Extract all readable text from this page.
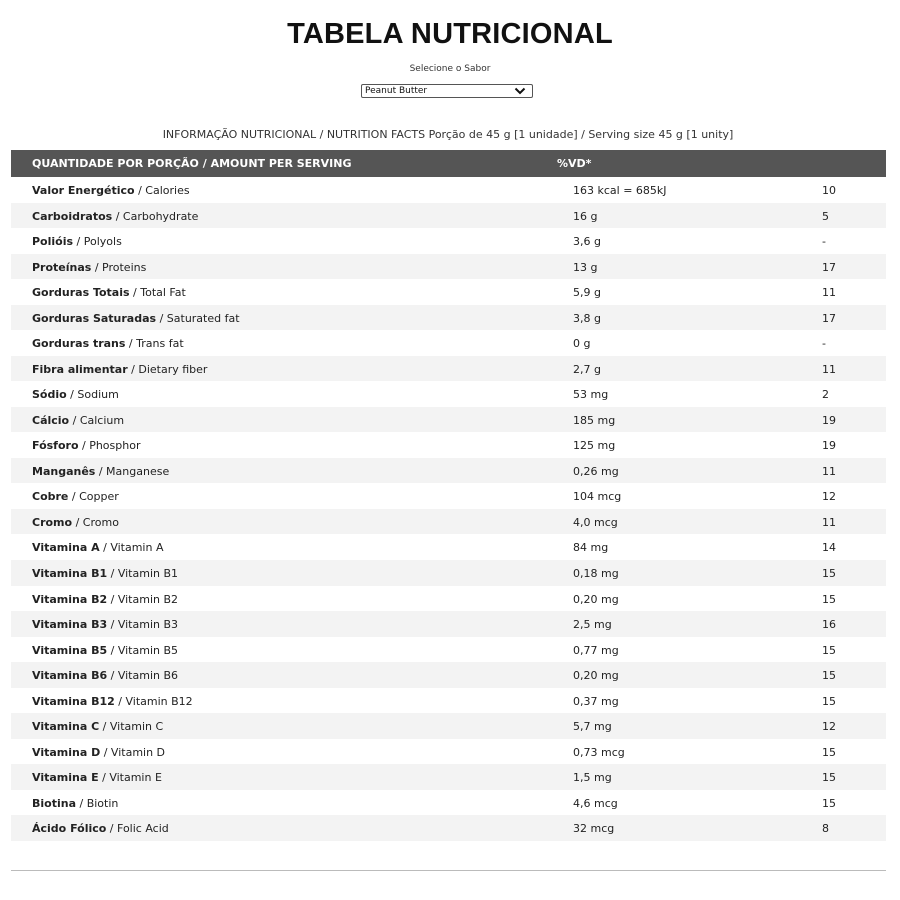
TABELA NUTRICIONAL
Selecione o Sabor
Peanut Butter
INFORMAÇÃO NUTRICIONAL / NUTRITION FACTS Porção de 45 g [1 unidade] / Serving size 45 g [1 unity]
QUANTIDADE POR PORÇÃO / AMOUNT PER SERVING	%VD*
Valor Energético / Calories	163 kcal = 685kJ	10
Carboidratos / Carbohydrate	16 g	5
Polióis / Polyols	3,6 g	-
Proteínas / Proteins	13 g	17
Gorduras Totais / Total Fat	5,9 g	11
Gorduras Saturadas / Saturated fat	3,8 g	17
Gorduras trans / Trans fat	0 g	-
Fibra alimentar / Dietary fiber	2,7 g	11
Sódio / Sodium	53 mg	2
Cálcio / Calcium	185 mg	19
Fósforo / Phosphor	125 mg	19
Manganês / Manganese	0,26 mg	11
Cobre / Copper	104 mcg	12
Cromo / Cromo	4,0 mcg	11
Vitamina A / Vitamin A	84 mg	14
Vitamina B1 / Vitamin B1	0,18 mg	15
Vitamina B2 / Vitamin B2	0,20 mg	15
Vitamina B3 / Vitamin B3	2,5 mg	16
Vitamina B5 / Vitamin B5	0,77 mg	15
Vitamina B6 / Vitamin B6	0,20 mg	15
Vitamina B12 / Vitamin B12	0,37 mg	15
Vitamina C / Vitamin C	5,7 mg	12
Vitamina D / Vitamin D	0,73 mcg	15
Vitamina E / Vitamin E	1,5 mg	15
Biotina / Biotin	4,6 mcg	15
Ácido Fólico / Folic Acid	32 mcg	8
